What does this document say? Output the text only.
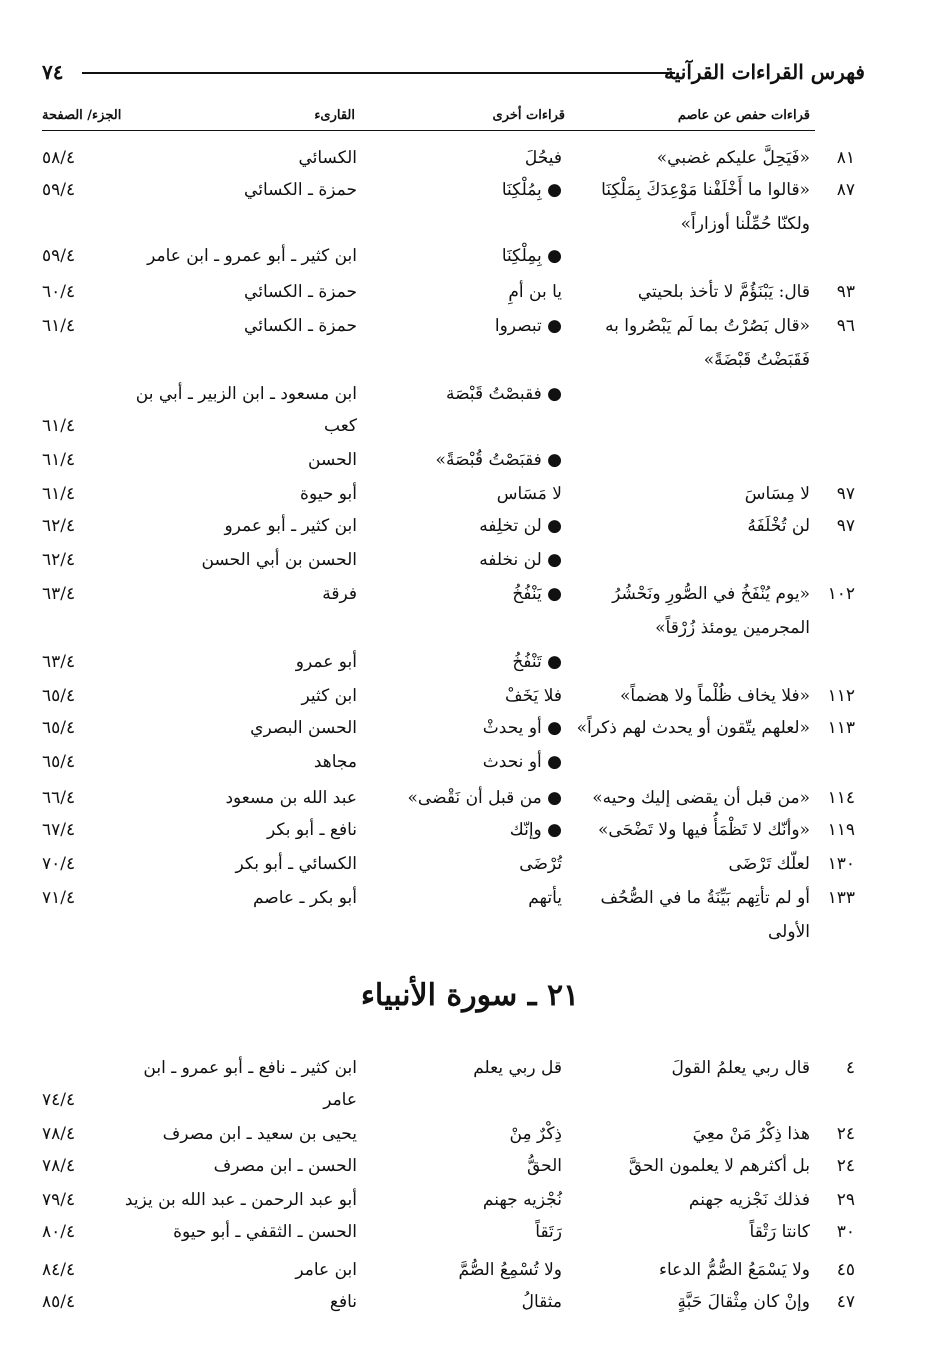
فهرس القراءات القرآنية
٧٤
قراءات حفص عن عاصم
قراءات أخرى
القارىء
الجزء/ الصفحة
٨١
«فَيَحِلَّ عليكم غضبي»
فيحُلَ
الكسائي
٥٨/٤
٨٧
«قالوا ما أَخْلَفْنا مَوْعِدَكَ بِمَلْكِنَا
● بِمُلْكِنَا
حمزة ـ الكسائي
٥٩/٤
ولكنّا حُمِّلْنا أوزاراً»
● بِمِلْكِنَا
ابن كثير ـ أبو عمرو ـ ابن عامر
٥٩/٤
٩٣
قال: يَبْنَؤُمَّ لا تأخذ بلحيتي
يا بن أمِ
حمزة ـ الكسائي
٦٠/٤
٩٦
«قال بَصُرْتُ بما لَم يَبْصُروا به
● تبصروا
حمزة ـ الكسائي
٦١/٤
فَقَبَضْتُ قَبْضَةً»
● فقبصْتُ قَبْصَة
ابن مسعود ـ ابن الزبير ـ أبي بن
كعب
٦١/٤
● فقبَصْتُ قُبْصَةً»
الحسن
٦١/٤
٩٧
لا مِسَاسَ
لا مَسَاس
أبو حيوة
٦١/٤
٩٧
لن تُخْلَفَهُ
● لن تخلِفه
ابن كثير ـ أبو عمرو
٦٢/٤
● لن نخلفه
الحسن بن أبي الحسن
٦٢/٤
١٠٢
«يوم يُنْفَخُ في الصُّورِ ونَحْشُرُ
● يَنْفُخُ
فرقة
٦٣/٤
المجرمين يومئذ زُرْقاً»
● تَنْفُخُ
أبو عمرو
٦٣/٤
١١٢
«فلا يخاف ظُلْماً ولا هضماً»
فلا يَخَفْ
ابن كثير
٦٥/٤
١١٣
«لعلهم يتّقون أو يحدث لهم ذكراً»
● أو يحدثْ
الحسن البصري
٦٥/٤
● أو نحدث
مجاهد
٦٥/٤
١١٤
«من قبل أن يقضى إليك وحيه»
● من قبل أن نَقْضى»
عبد الله بن مسعود
٦٦/٤
١١٩
«وأنّك لا تَظْمَأُ فيها ولا تَضْحَى»
● وإنّك
نافع ـ أبو بكر
٦٧/٤
١٣٠
لعلّك تَرْضَى
تُرْضَى
الكسائي ـ أبو بكر
٧٠/٤
١٣٣
أو لم تأتِهم بَيِّنَةُ ما في الصُّحُف
يأتهم
أبو بكر ـ عاصم
٧١/٤
الأولى
٢١ ـ سورة الأنبياء
٤
قال ربي يعلمُ القولَ
قل ربي يعلم
ابن كثير ـ نافع ـ أبو عمرو ـ ابن
عامر
٧٤/٤
٢٤
هذا ذِكْرُ مَنْ معِيَ
ذِكْرٌ مِنْ
يحيى بن سعيد ـ ابن مصرف
٧٨/٤
٢٤
بل أكثرهم لا يعلمون الحقَّ
الحقُّ
الحسن ـ ابن مصرف
٧٨/٤
٢٩
فذلك نَجْزيه جهنم
نُجْزيه جهنم
أبو عبد الرحمن ـ عبد الله بن يزيد
٧٩/٤
٣٠
كانتا رَتْقاً
رَتَقاً
الحسن ـ الثقفي ـ أبو حيوة
٨٠/٤
٤٥
ولا يَسْمَعُ الصُّمُّ الدعاء
ولا تُسْمِعُ الصُّمَّ
ابن عامر
٨٤/٤
٤٧
وإنْ كان مِثْقالَ حَبَّةٍ
مثقالُ
نافع
٨٥/٤
